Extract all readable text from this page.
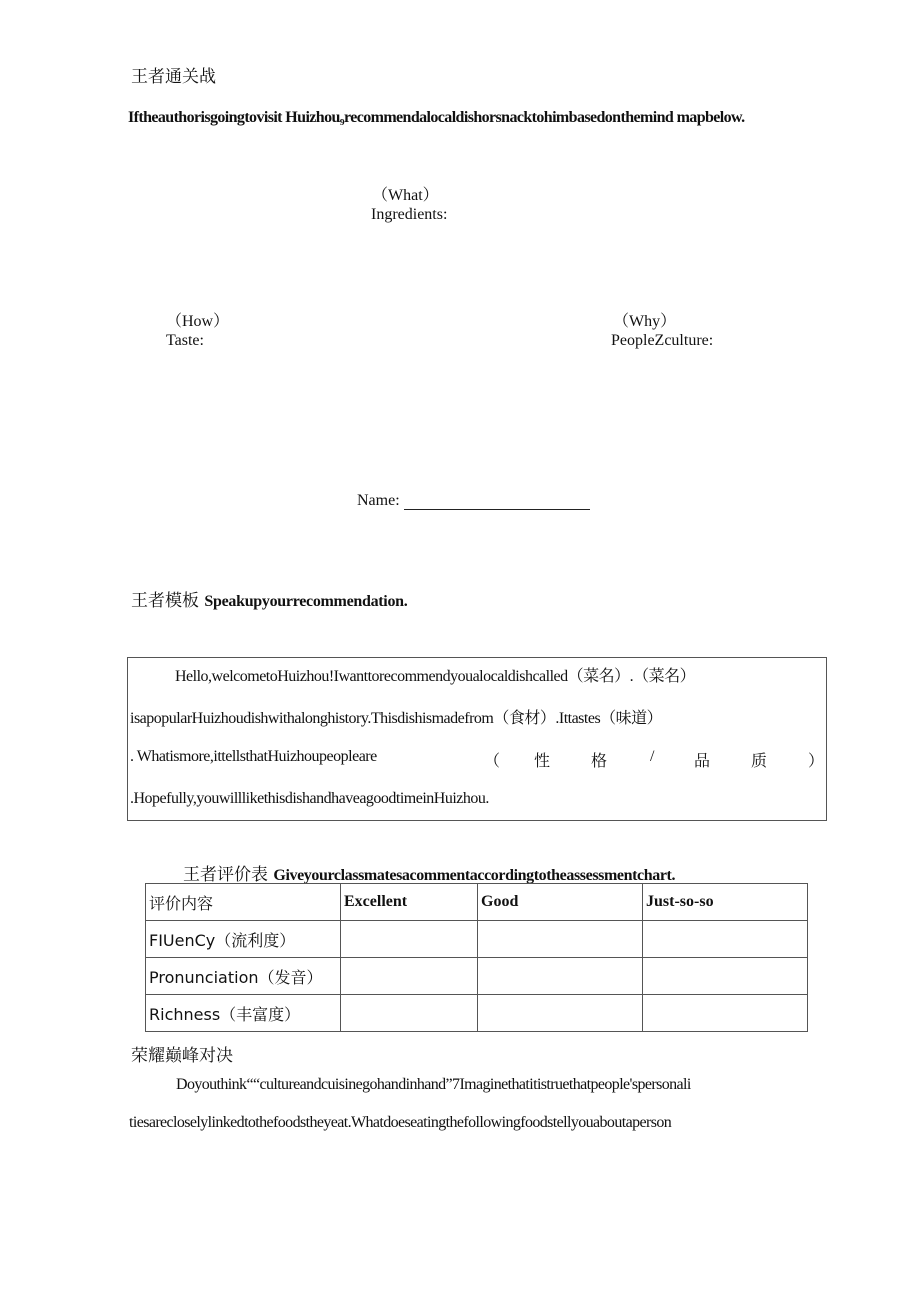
王者通关战
Iftheauthorisgoingtovisit Huizhou₉recommendalocaldishorsnacktohimbasedonthemind mapbelow.
（What）
Ingredients:
（How）
Taste:
（Why）
PeopleZculture:
Name:
王者模板 Speakupyourrecommendation.
Hello,welcometoHuizhou!Iwanttorecommendyoualocaldishcalled（菜名）.（菜名）
isapopularHuizhoudishwithalonghistory.Thisdishismadefrom（食材）.Ittastes（味道）
. Whatismore,ittellsthatHuizhoupeopleare	（ 性	格	/ 品	质	）
.Hopefully,youwilllikethisdishandhaveagoodtimeinHuizhou.
王者评价表 Giveyourclassmatesacommentaccordingtotheassessmentchart.
评价内容	Excellent	Good	Just-so-so
FIUenCy（流利度）			
Pronunciation（发音）			
Richness（丰富度）			
荣耀巅峰对决
Doyouthink““cultureandcuisinegohandinhand”7Imaginethatitistruethatpeople'spersonali
tiesarecloselylinkedtothefoodstheyeat.Whatdoeseatingthefollowingfoodstellyouaboutaperson
